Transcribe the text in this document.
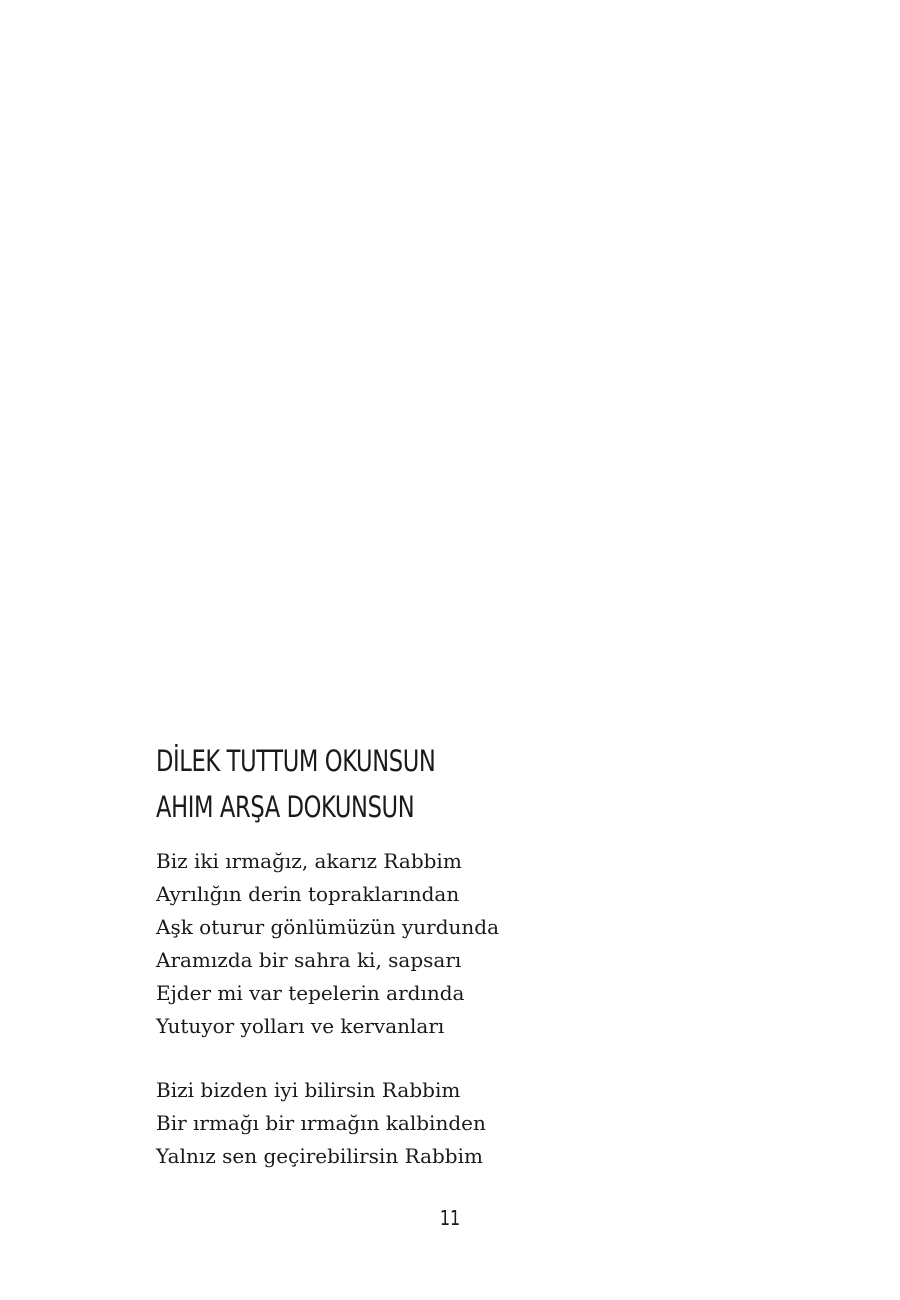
DİLEK TUTTUM OKUNSUN
AHIM ARŞA DOKUNSUN
Biz iki ırmağız, akarız Rabbim
Ayrılığın derin topraklarından
Aşk oturur gönlümüzün yurdunda
Aramızda bir sahra ki, sapsarı
Ejder mi var tepelerin ardında
Yutuyor yolları ve kervanları
Bizi bizden iyi bilirsin Rabbim
Bir ırmağı bir ırmağın kalbinden
Yalnız sen geçirebilirsin Rabbim
11
